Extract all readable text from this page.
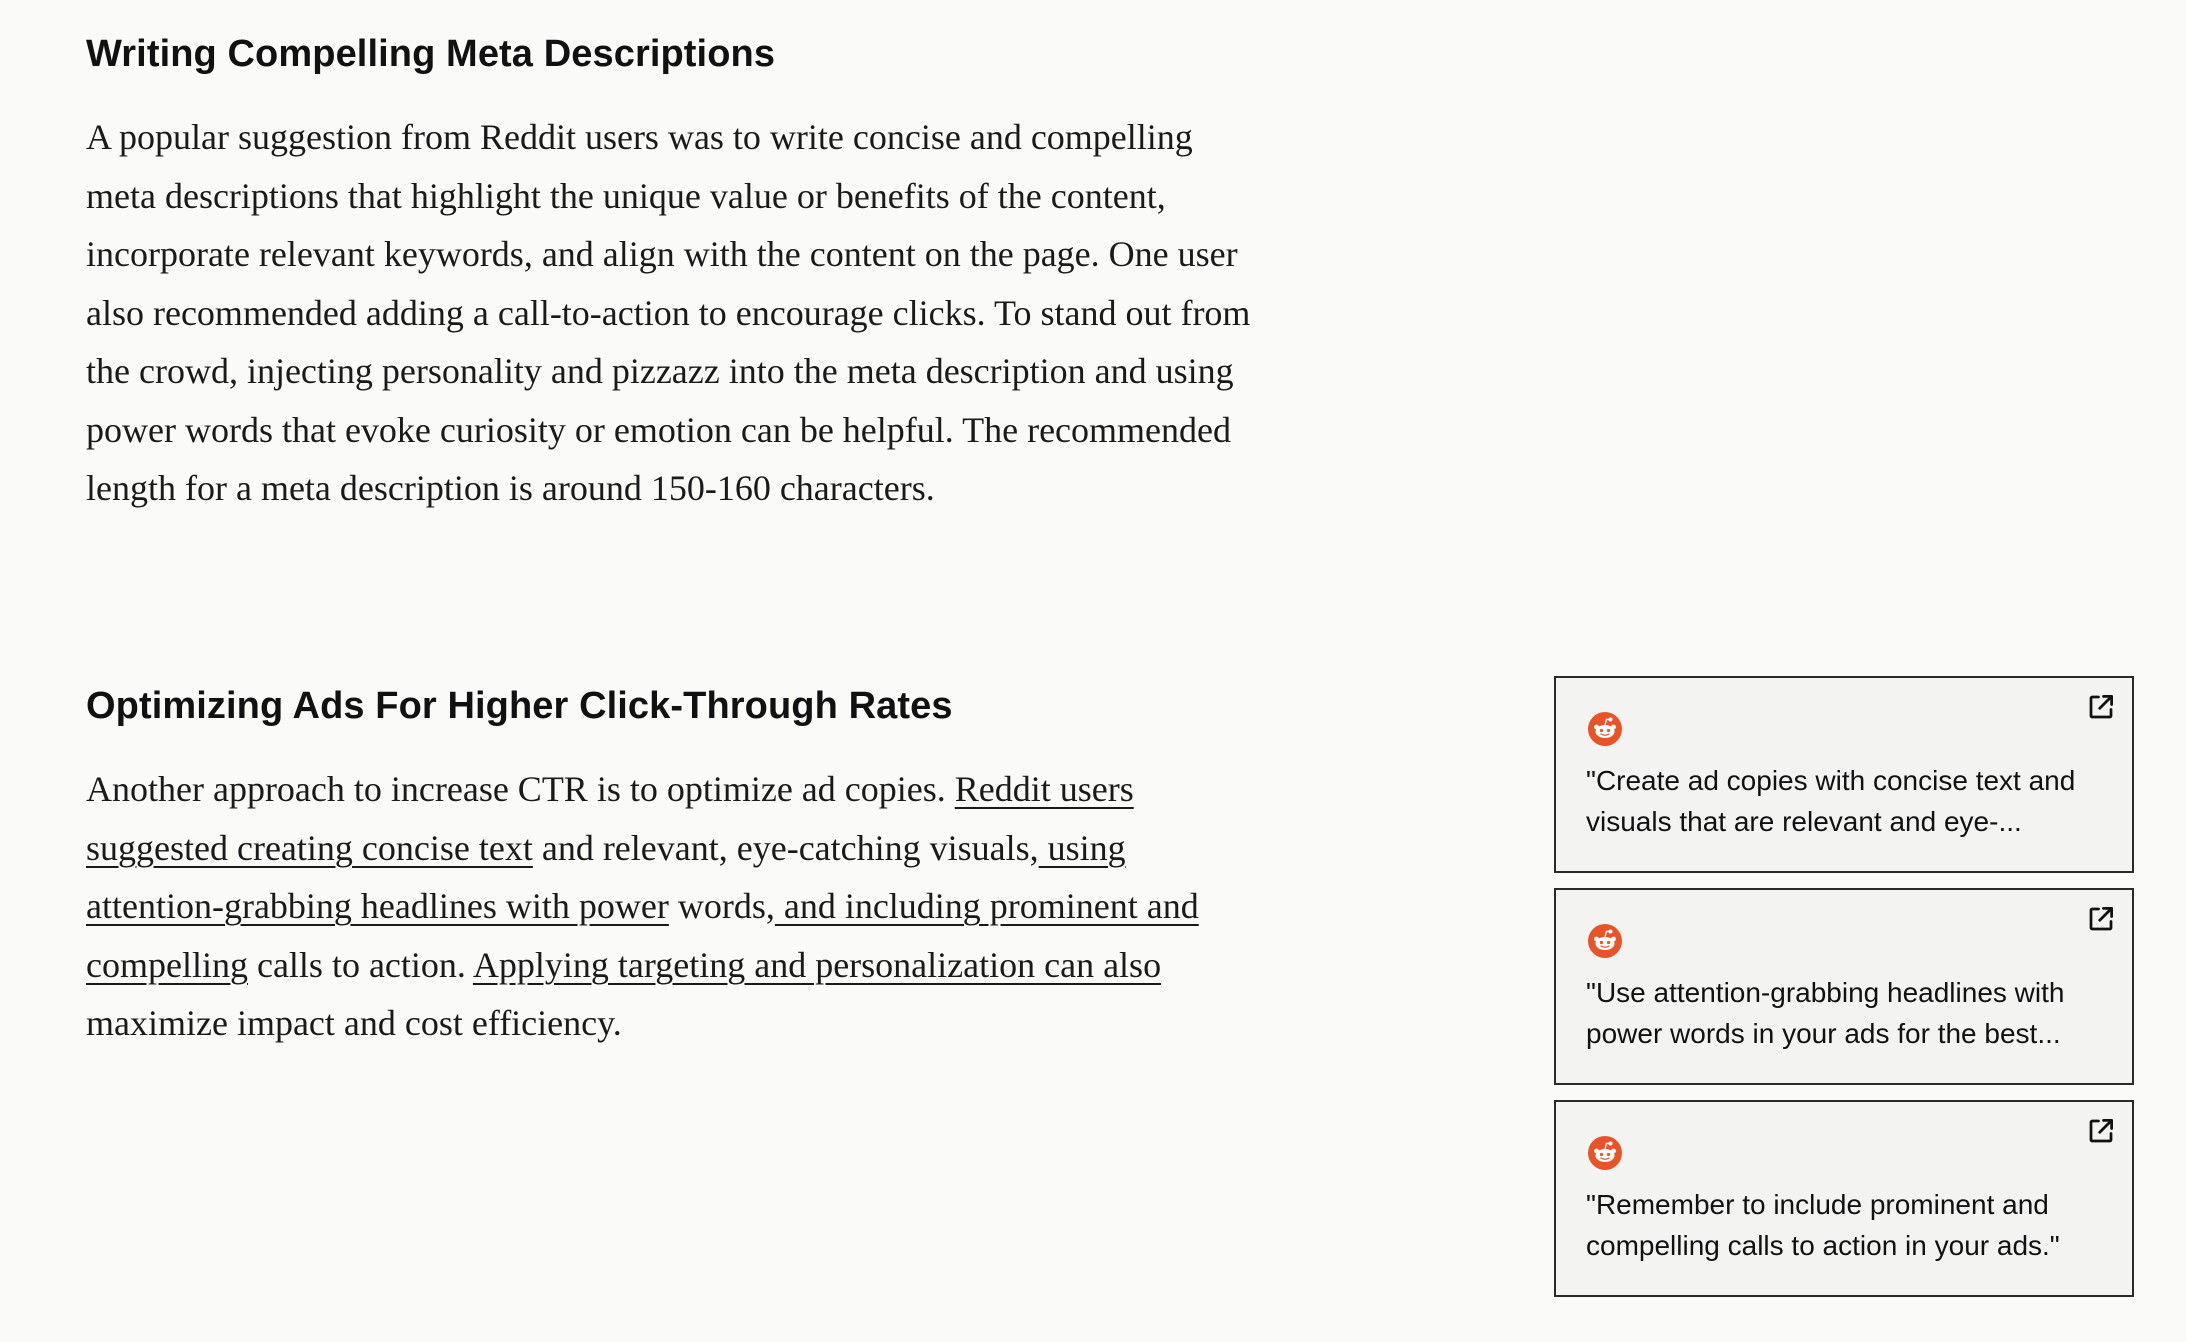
Writing Compelling Meta Descriptions

A popular suggestion from Reddit users was to write concise and compelling meta descriptions that highlight the unique value or benefits of the content, incorporate relevant keywords, and align with the content on the page. One user also recommended adding a call-to-action to encourage clicks. To stand out from the crowd, injecting personality and pizzazz into the meta description and using power words that evoke curiosity or emotion can be helpful. The recommended length for a meta description is around 150-160 characters.

Optimizing Ads For Higher Click-Through Rates

Another approach to increase CTR is to optimize ad copies. Reddit users suggested creating concise text and relevant, eye-catching visuals, using attention-grabbing headlines with power words, and including prominent and compelling calls to action. Applying targeting and personalization can also maximize impact and cost efficiency.

"Create ad copies with concise text and visuals that are relevant and eye-...
"Use attention-grabbing headlines with power words in your ads for the best...
"Remember to include prominent and compelling calls to action in your ads."
